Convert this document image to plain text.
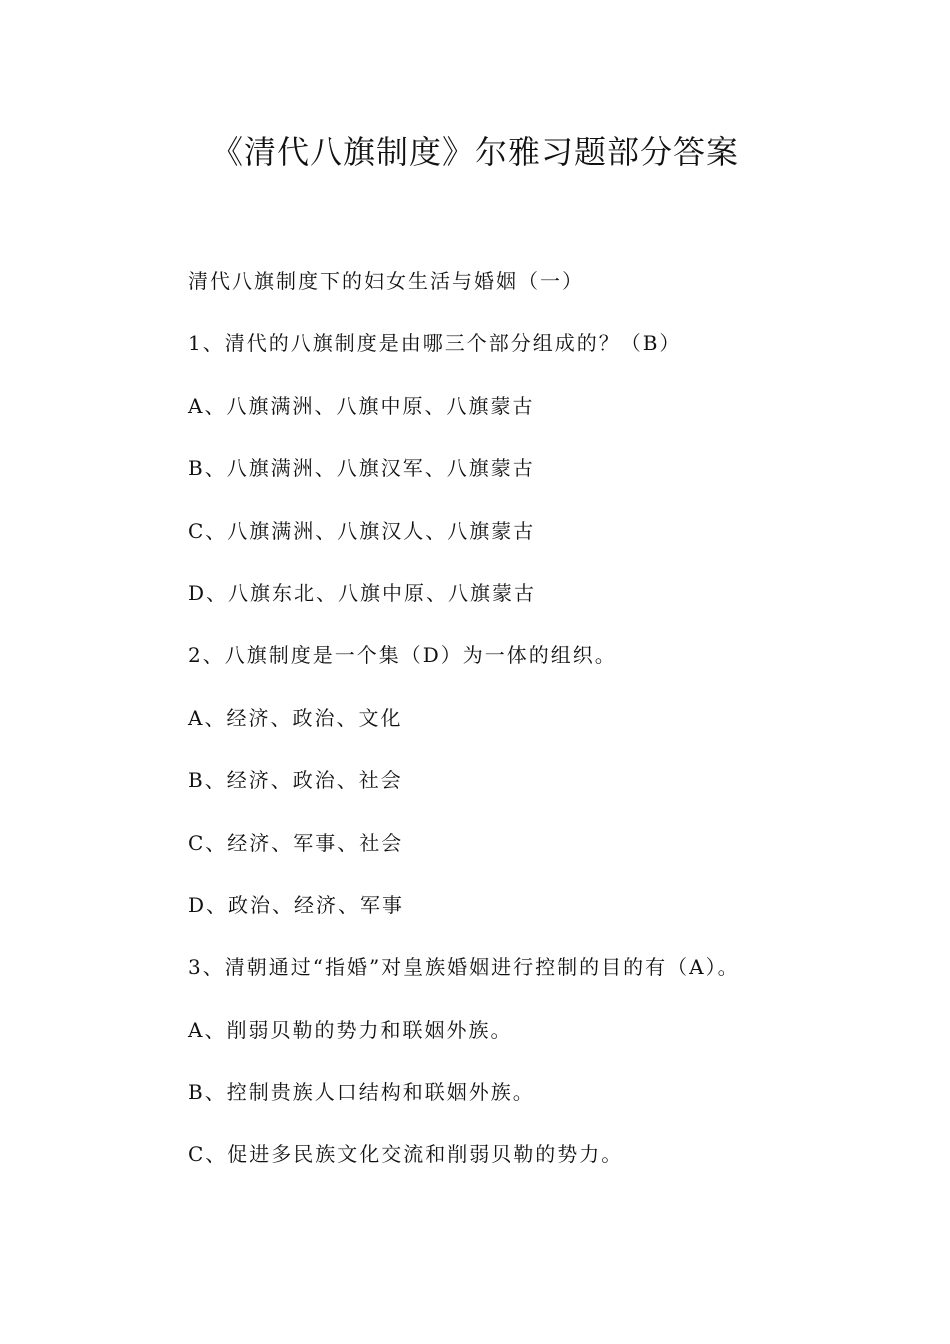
《清代八旗制度》尔雅习题部分答案

清代八旗制度下的妇女生活与婚姻（一）

1、清代的八旗制度是由哪三个部分组成的？（B）

A、八旗满洲、八旗中原、八旗蒙古

B、八旗满洲、八旗汉军、八旗蒙古

C、八旗满洲、八旗汉人、八旗蒙古

D、八旗东北、八旗中原、八旗蒙古

2、八旗制度是一个集（D）为一体的组织。

A、经济、政治、文化

B、经济、政治、社会

C、经济、军事、社会

D、政治、经济、军事

3、清朝通过“指婚”对皇族婚姻进行控制的目的有（A）。

A、削弱贝勒的势力和联姻外族。

B、控制贵族人口结构和联姻外族。

C、促进多民族文化交流和削弱贝勒的势力。
